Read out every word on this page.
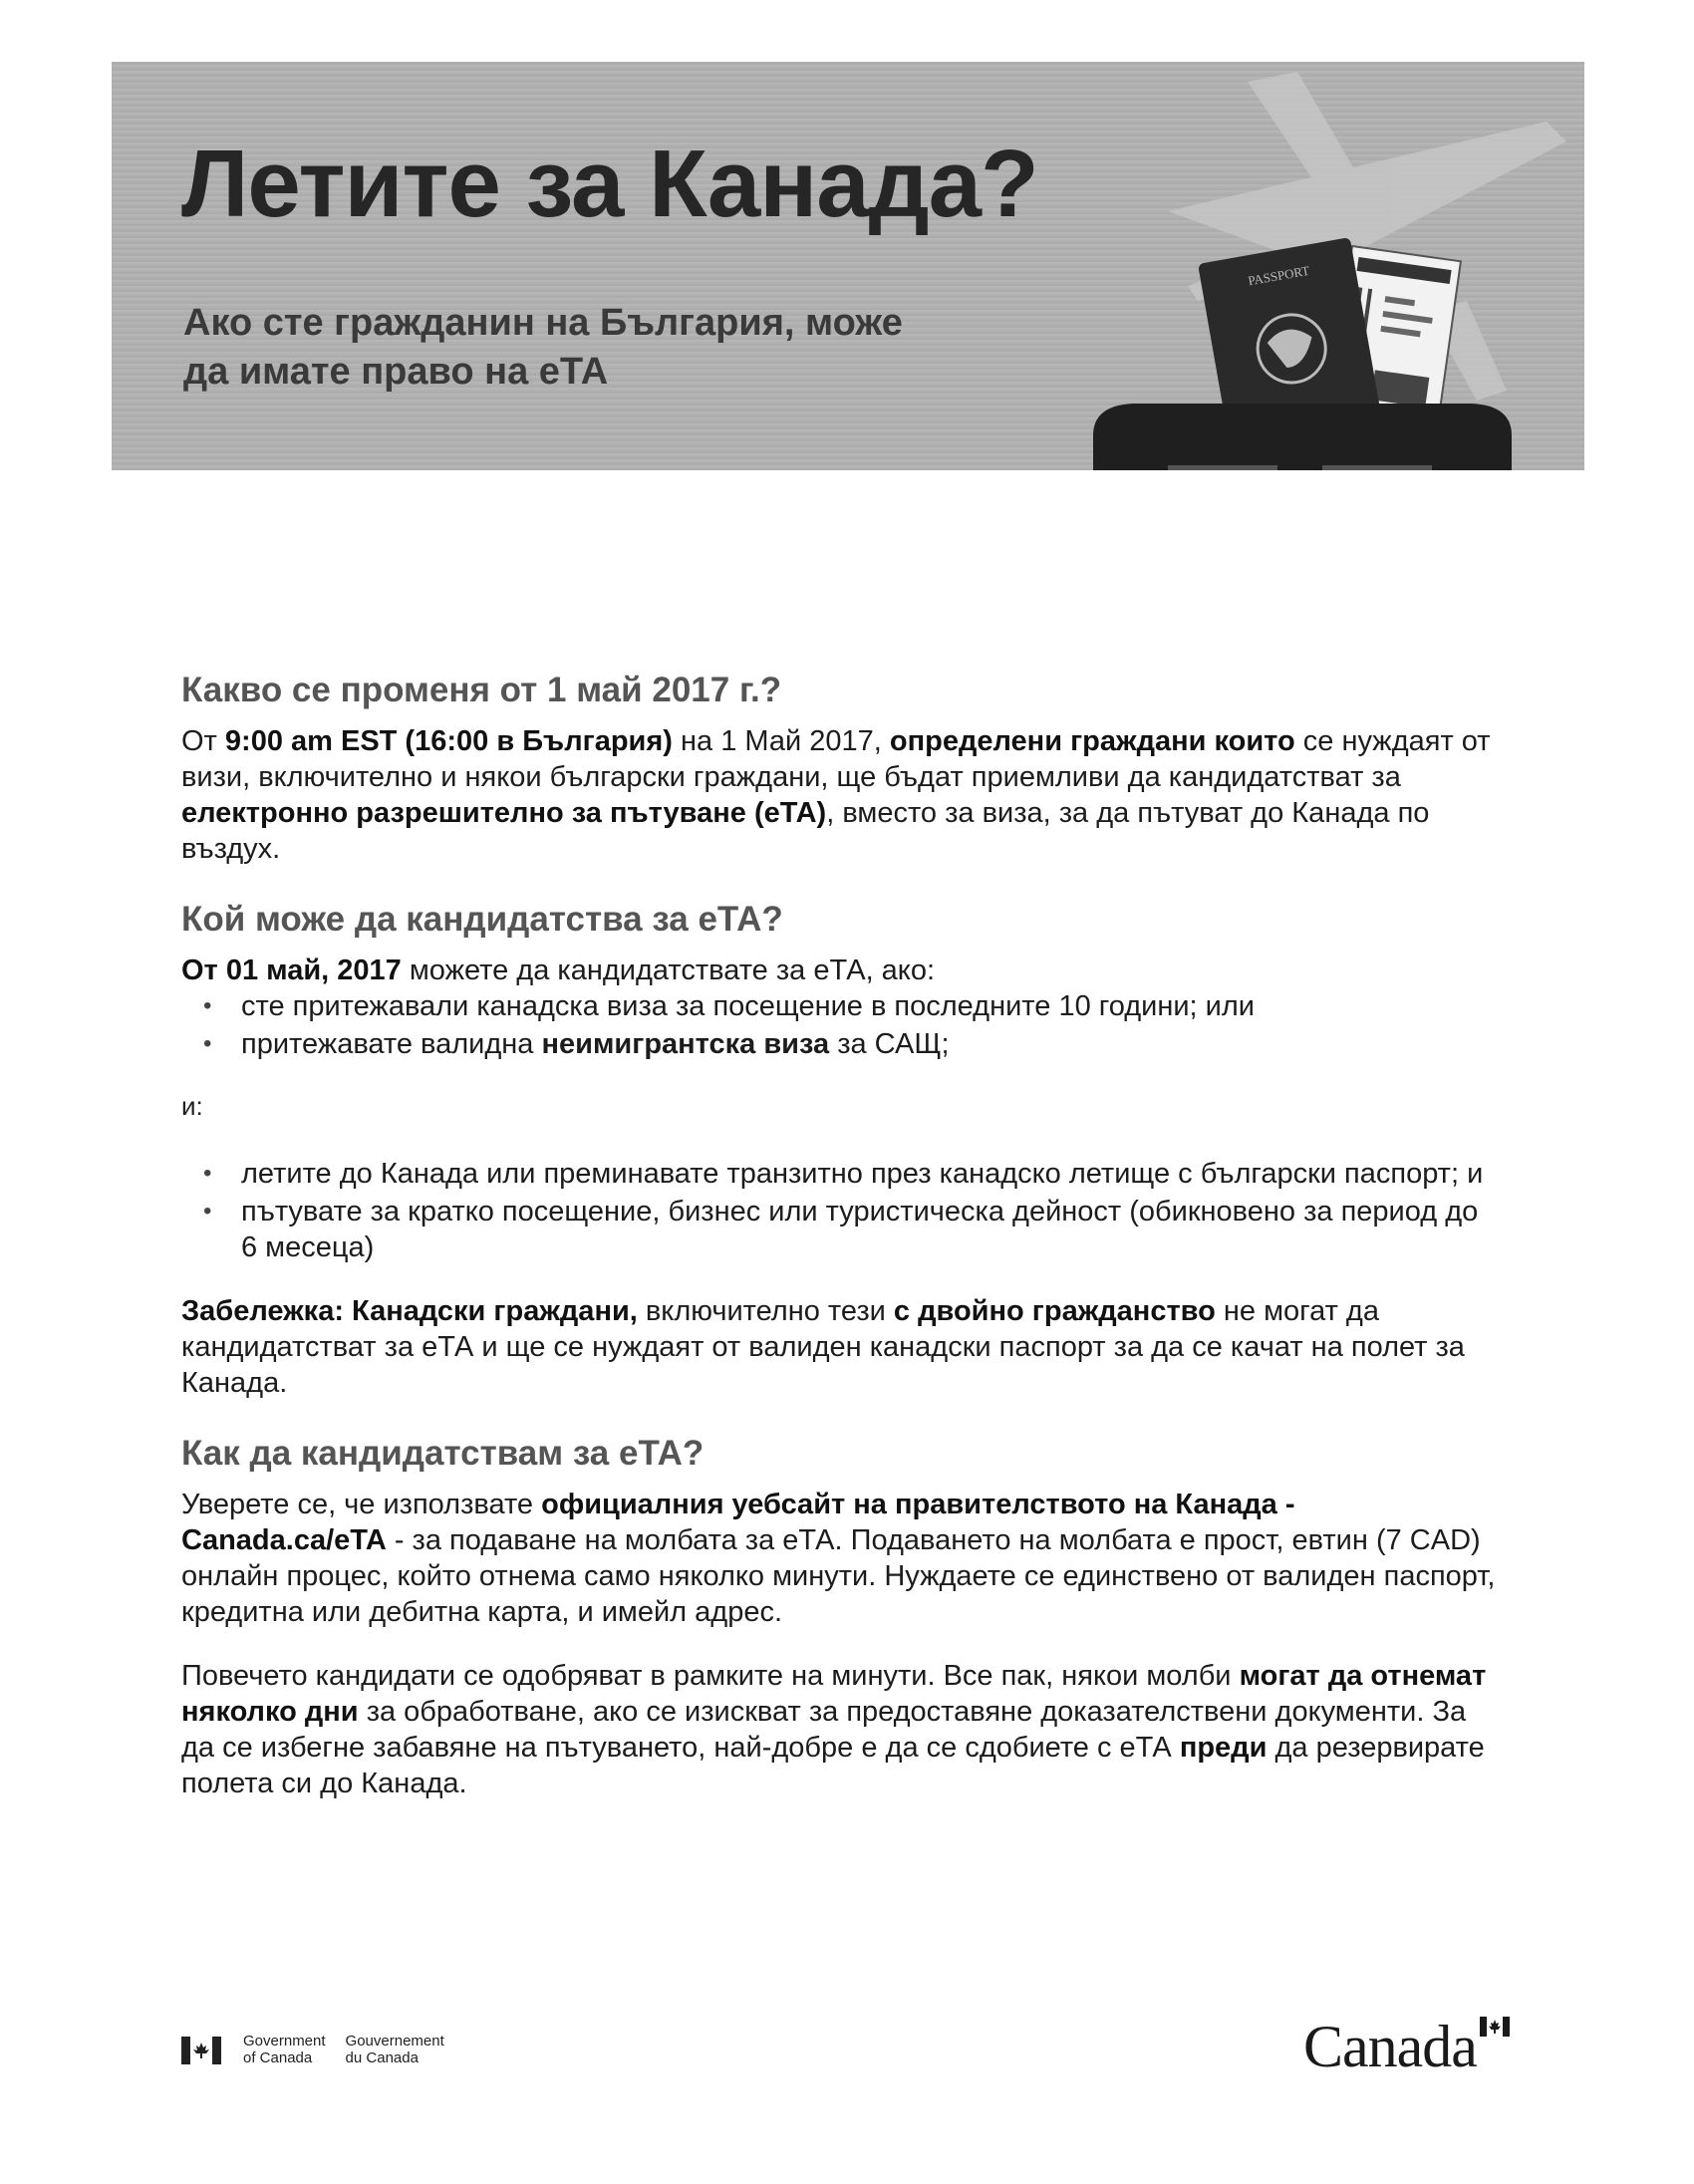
Летите за Канада?

Ако сте гражданин на България, може
да имате право на еТА

PASSPORT
Какво се променя от 1 май 2017 г.?

От 9:00 am EST (16:00 в България) на 1 Май 2017, определени граждани които се нуждаят от визи, включително и някои български граждани, ще бъдат приемливи да кандидатстват за електронно разрешително за пътуване (еТА), вместо за виза, за да пътуват до Канада по въздух.

Кой може да кандидатства за еТА?

От 01 май, 2017 можете да кандидатствате за еТА, ако:

• сте притежавали канадска виза за посещение в последните 10 години; или
• притежавате валидна неимигрантска виза за САЩ;

и:

• летите до Канада или преминавате транзитно през канадско летище с български паспорт; и
• пътувате за кратко посещение, бизнес или туристическа дейност (обикновено за период до 6 месеца)

Забележка: Канадски граждани, включително тези с двойно гражданство не могат да кандидатстват за еТА и ще се нуждаят от валиден канадски паспорт за да се качат на полет за Канада.

Как да кандидатствам за еТА?

Уверете се, че използвате официалния уебсайт на правителството на Канада - Canada.ca/eTA - за подаване на молбата за еТА. Подаването на молбата е прост, евтин (7 CAD) онлайн процес, който отнема само няколко минути. Нуждаете се единствено от валиден паспорт, кредитна или дебитна карта, и имейл адрес.

Повечето кандидати се одобряват в рамките на минути. Все пак, някои молби могат да отнемат няколко дни за обработване, ако се изискват за предоставяне доказателствени документи. За да се избегне забавяне на пътуването, най-добре е да се сдобиете с еТА преди да резервирате полета си до Канада.

Government
of Canada
Gouvernement
du Canada	Canada
